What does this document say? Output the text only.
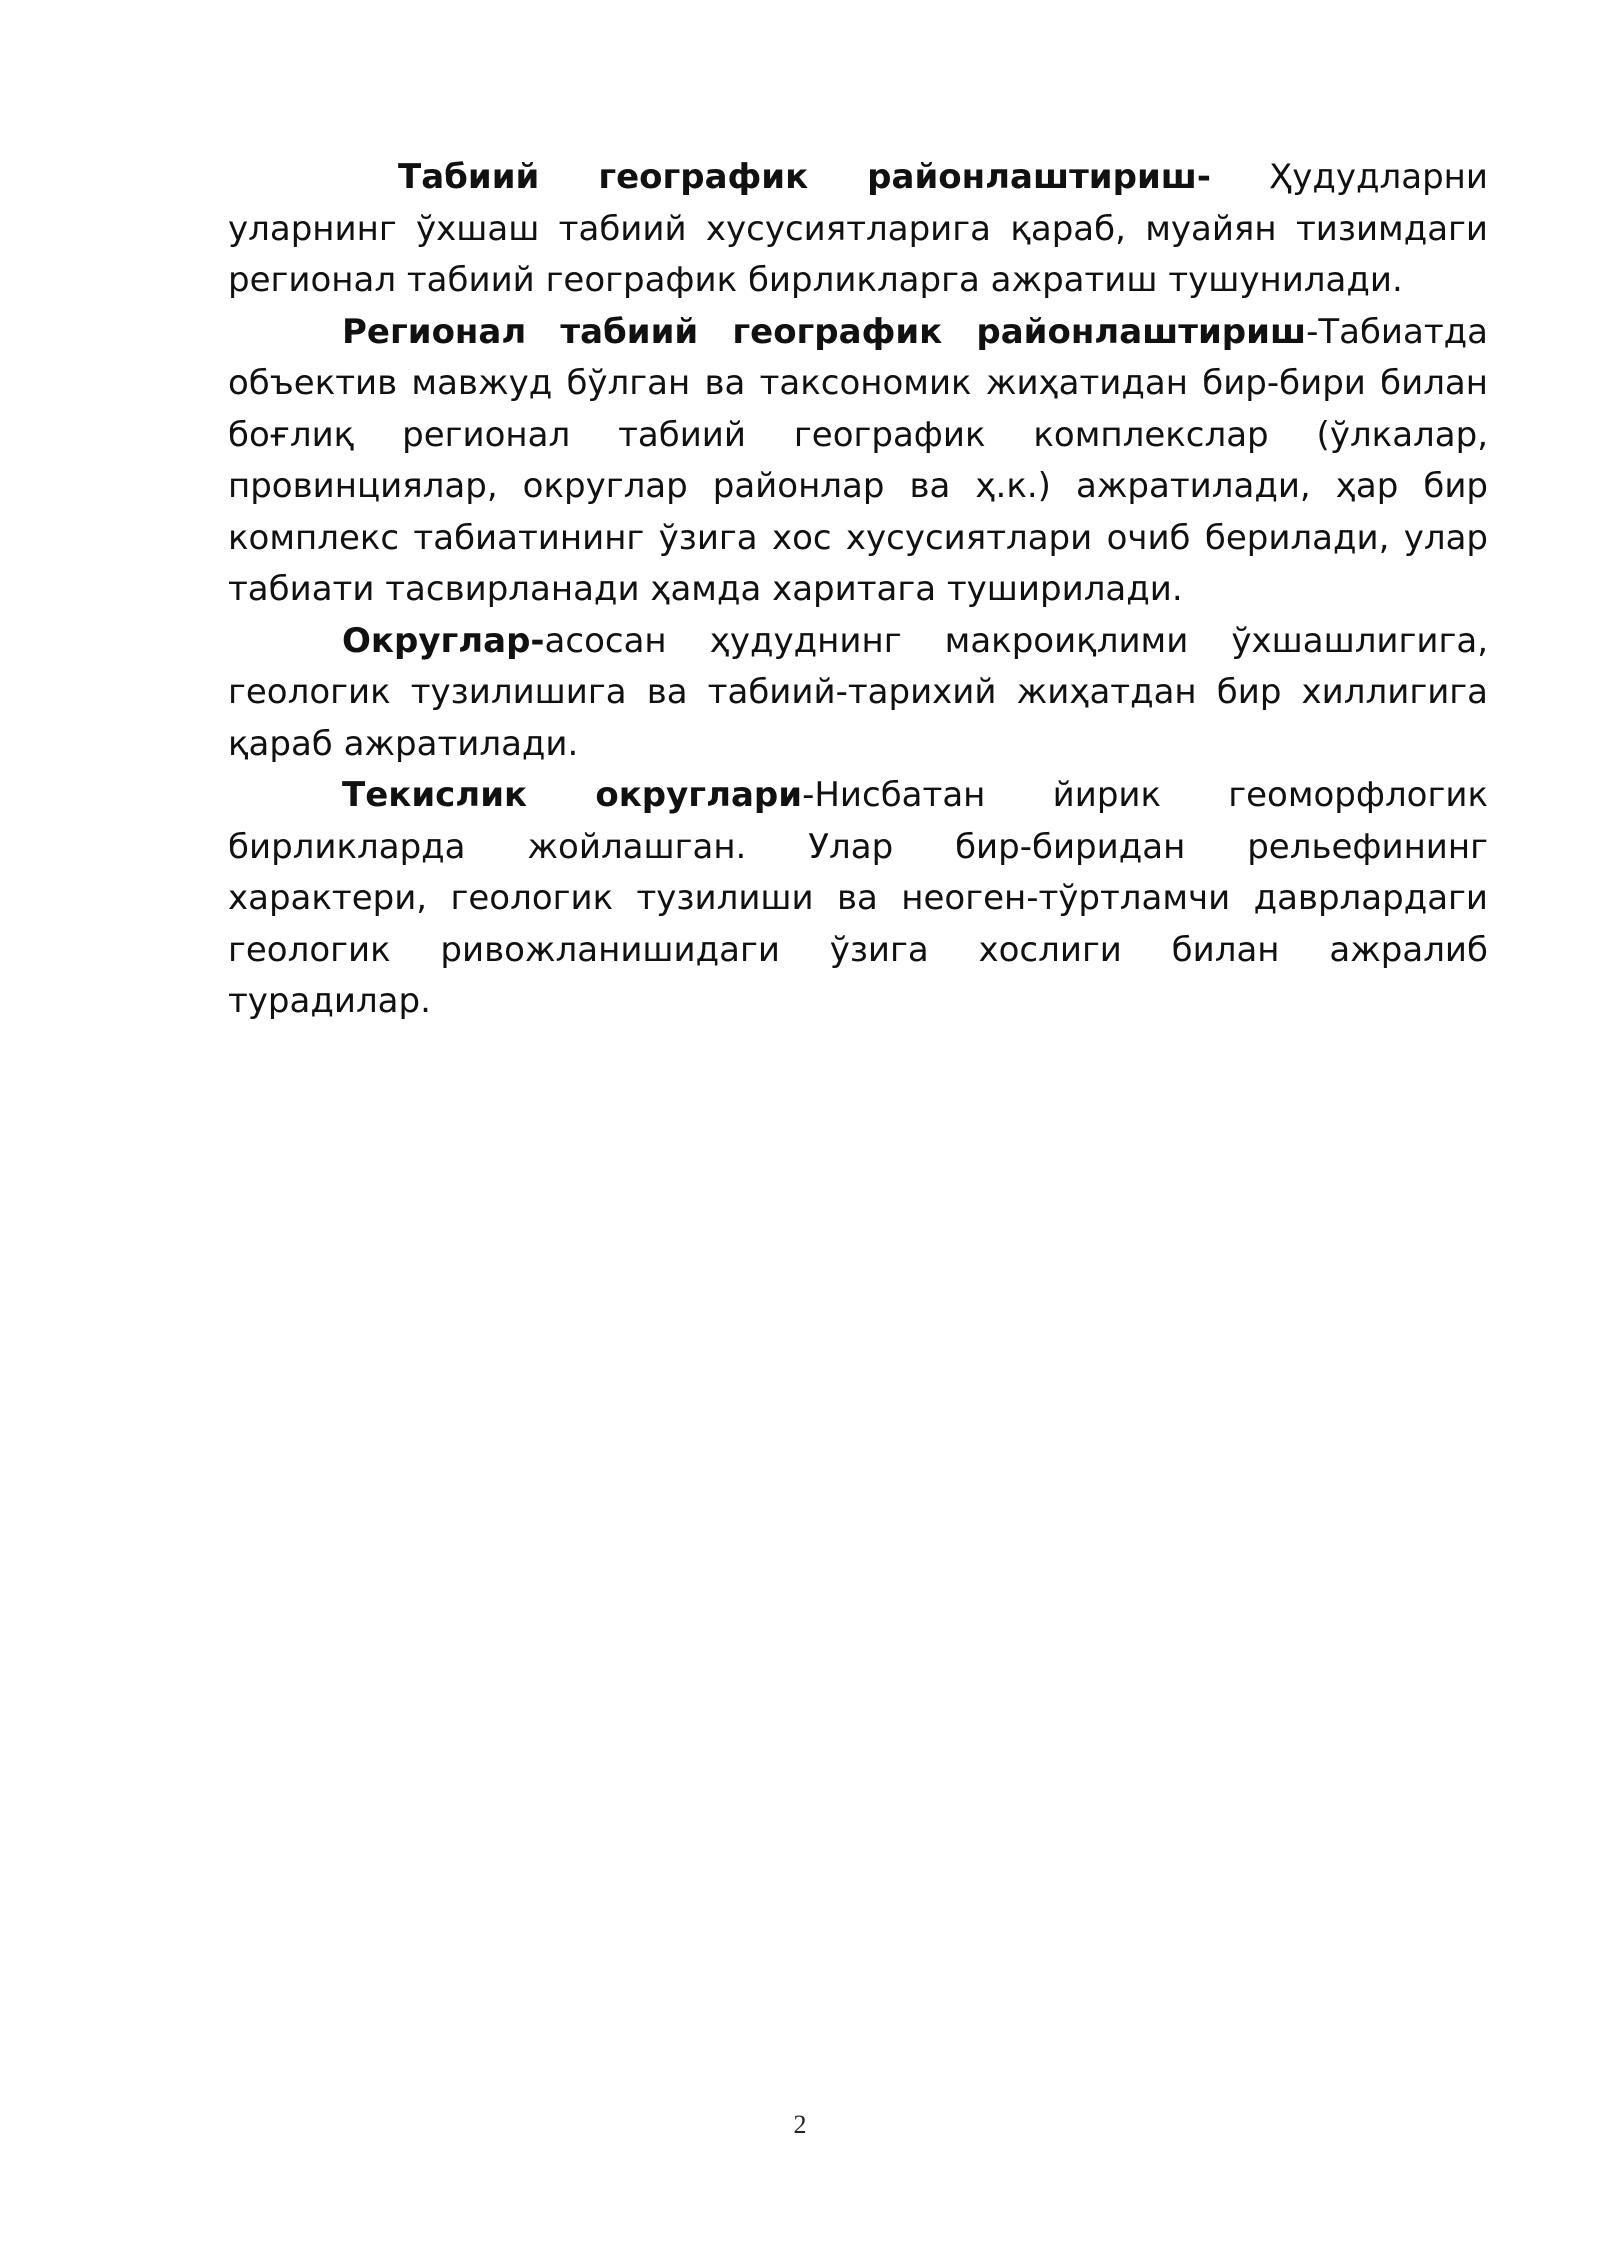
Табиий географик районлаштириш- Ҳудудларни уларнинг ўхшаш табиий хусусиятларига қараб, муайян тизимдаги регионал табиий географик бирликларга ажратиш тушунилади.

Регионал табиий географик районлаштириш-Табиатда объектив мавжуд бўлган ва таксономик жиҳатидан бир-бири билан боғлиқ регионал табиий географик комплекслар (ўлкалар, провинциялар, округлар районлар ва ҳ.к.) ажратилади, ҳар бир комплекс табиатининг ўзига хос хусусиятлари очиб берилади, улар табиати тасвирланади ҳамда харитага туширилади.

Округлар-асосан ҳудуднинг макроиқлими ўхшашлигига, геологик тузилишига ва табиий-тарихий жиҳатдан бир хиллигига қараб ажратилади.

Текислик округлари-Нисбатан йирик геоморфлогик бирликларда жойлашган. Улар бир-биридан рельефининг характери, геологик тузилиши ва неоген-тўртламчи даврлардаги геологик ривожланишидаги ўзига хослиги билан ажралиб турадилар.

2
